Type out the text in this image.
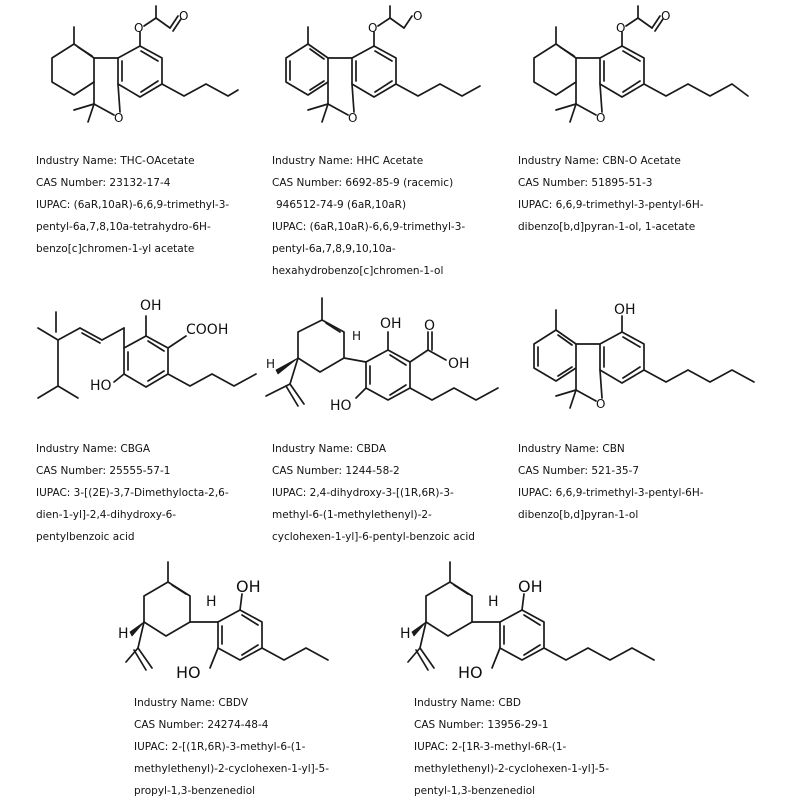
O
O
O
Industry Name: THC-OAcetate
CAS Number: 23132-17-4
IUPAC: (6aR,10aR)-6,6,9-trimethyl-3-
pentyl-6a,7,8,10a-tetrahydro-6H-
benzo[c]chromen-1-yl acetate
O
O
O
Industry Name: HHC Acetate
CAS Number: 6692-85-9 (racemic)
946512-74-9 (6aR,10aR)
IUPAC: (6aR,10aR)-6,6,9-trimethyl-3-
pentyl-6a,7,8,9,10,10a-
hexahydrobenzo[c]chromen-1-ol
O
O
O
Industry Name: CBN-O Acetate
CAS Number: 51895-51-3
IUPAC: 6,6,9-trimethyl-3-pentyl-6H-
dibenzo[b,d]pyran-1-ol, 1-acetate
OH
COOH
HO
Industry Name: CBGA
CAS Number: 25555-57-1
IUPAC: 3-[(2E)-3,7-Dimethylocta-2,6-
dien-1-yl]-2,4-dihydroxy-6-
pentylbenzoic acid
H
H
OH O
OH
HO
Industry Name: CBDA
CAS Number: 1244-58-2
IUPAC: 2,4-dihydroxy-3-[(1R,6R)-3-
methyl-6-(1-methylethenyl)-2-
cyclohexen-1-yl]-6-pentyl-benzoic acid
OH
O
Industry Name: CBN
CAS Number: 521-35-7
IUPAC: 6,6,9-trimethyl-3-pentyl-6H-
dibenzo[b,d]pyran-1-ol
H
H
OH
HO
Industry Name: CBDV
CAS Number: 24274-48-4
IUPAC: 2-[(1R,6R)-3-methyl-6-(1-
methylethenyl)-2-cyclohexen-1-yl]-5-
propyl-1,3-benzenediol
H
H
OH
HO
Industry Name: CBD
CAS Number: 13956-29-1
IUPAC: 2-[1R-3-methyl-6R-(1-
methylethenyl)-2-cyclohexen-1-yl]-5-
pentyl-1,3-benzenediol
